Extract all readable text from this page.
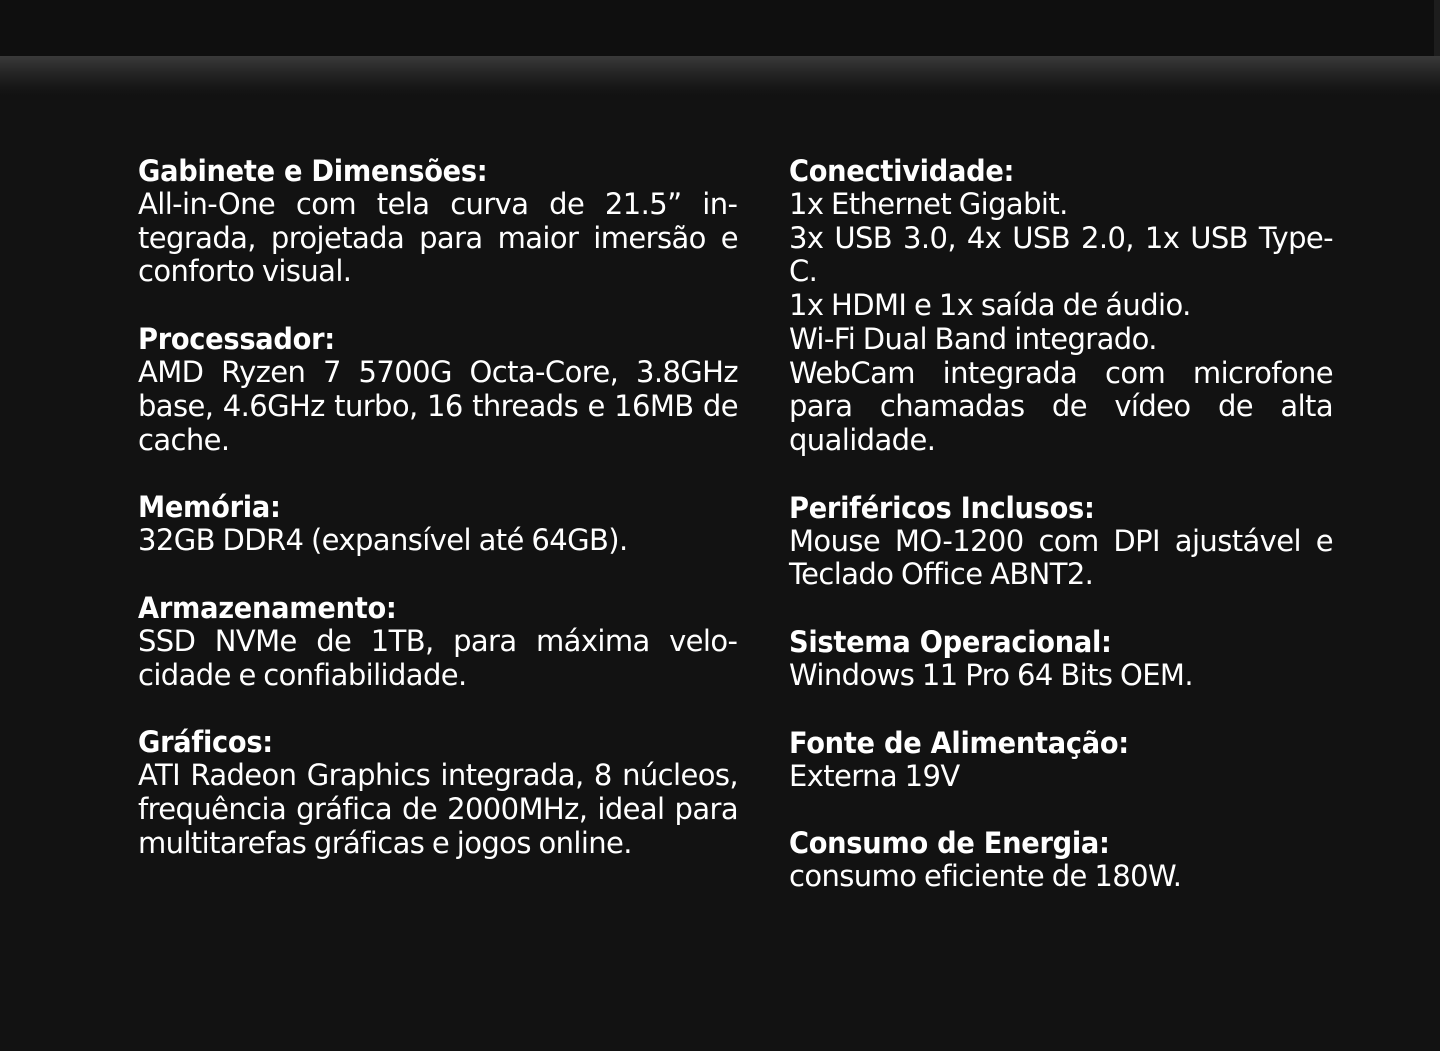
Gabinete e Dimensões:
All-in-One com tela curva de 21.5” integrada, projetada para maior imersão e conforto visual.
Processador:
AMD Ryzen 7 5700G Octa-Core, 3.8GHz base, 4.6GHz turbo, 16 threads e 16MB de cache.
Memória:
32GB DDR4 (expansível até 64GB).
Armazenamento:
SSD NVMe de 1TB, para máxima velocidade e confiabilidade.
Gráficos:
ATI Radeon Graphics integrada, 8 núcleos, frequência gráfica de 2000MHz, ideal para multitarefas gráficas e jogos online.
Conectividade:
1x Ethernet Gigabit.
3x USB 3.0, 4x USB 2.0, 1x USB Type-C.
1x HDMI e 1x saída de áudio.
Wi-Fi Dual Band integrado.
WebCam integrada com microfone para chamadas de vídeo de alta qualidade.
Periféricos Inclusos:
Mouse MO-1200 com DPI ajustável e Teclado Office ABNT2.
Sistema Operacional:
Windows 11 Pro 64 Bits OEM.
Fonte de Alimentação:
Externa 19V
Consumo de Energia:
consumo eficiente de 180W.
